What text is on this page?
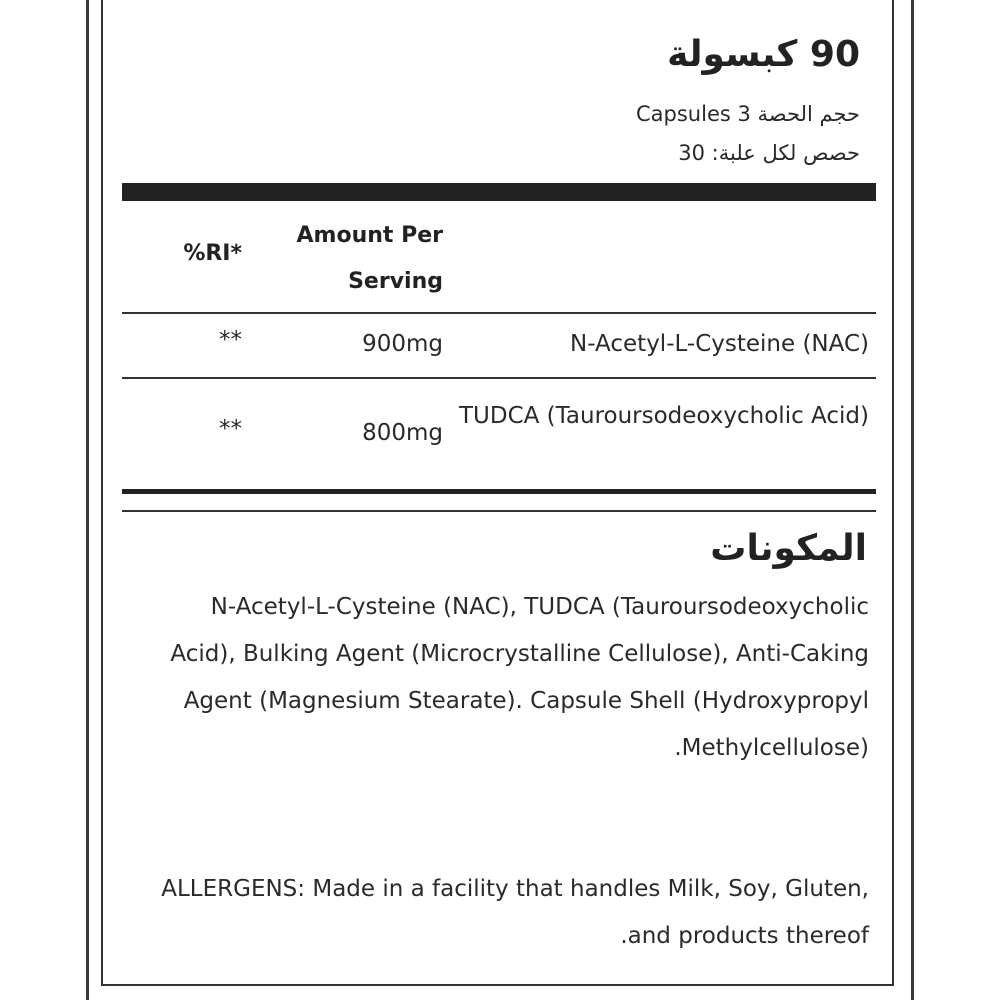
90 كبسولة
حجم الحصة 3 Capsules
حصص لكل علبة: 30
Amount Per Serving
%RI*
N-Acetyl-L-Cysteine (NAC)
900mg
**
TUDCA (Tauroursodeoxycholic Acid)
800mg
**
المكونات
N-Acetyl-L-Cysteine (NAC), TUDCA (Tauroursodeoxycholic Acid), Bulking Agent (Microcrystalline Cellulose), Anti-Caking Agent (Magnesium Stearate). Capsule Shell (Hydroxypropyl Methylcellulose).
ALLERGENS: Made in a facility that handles Milk, Soy, Gluten, and products thereof.
